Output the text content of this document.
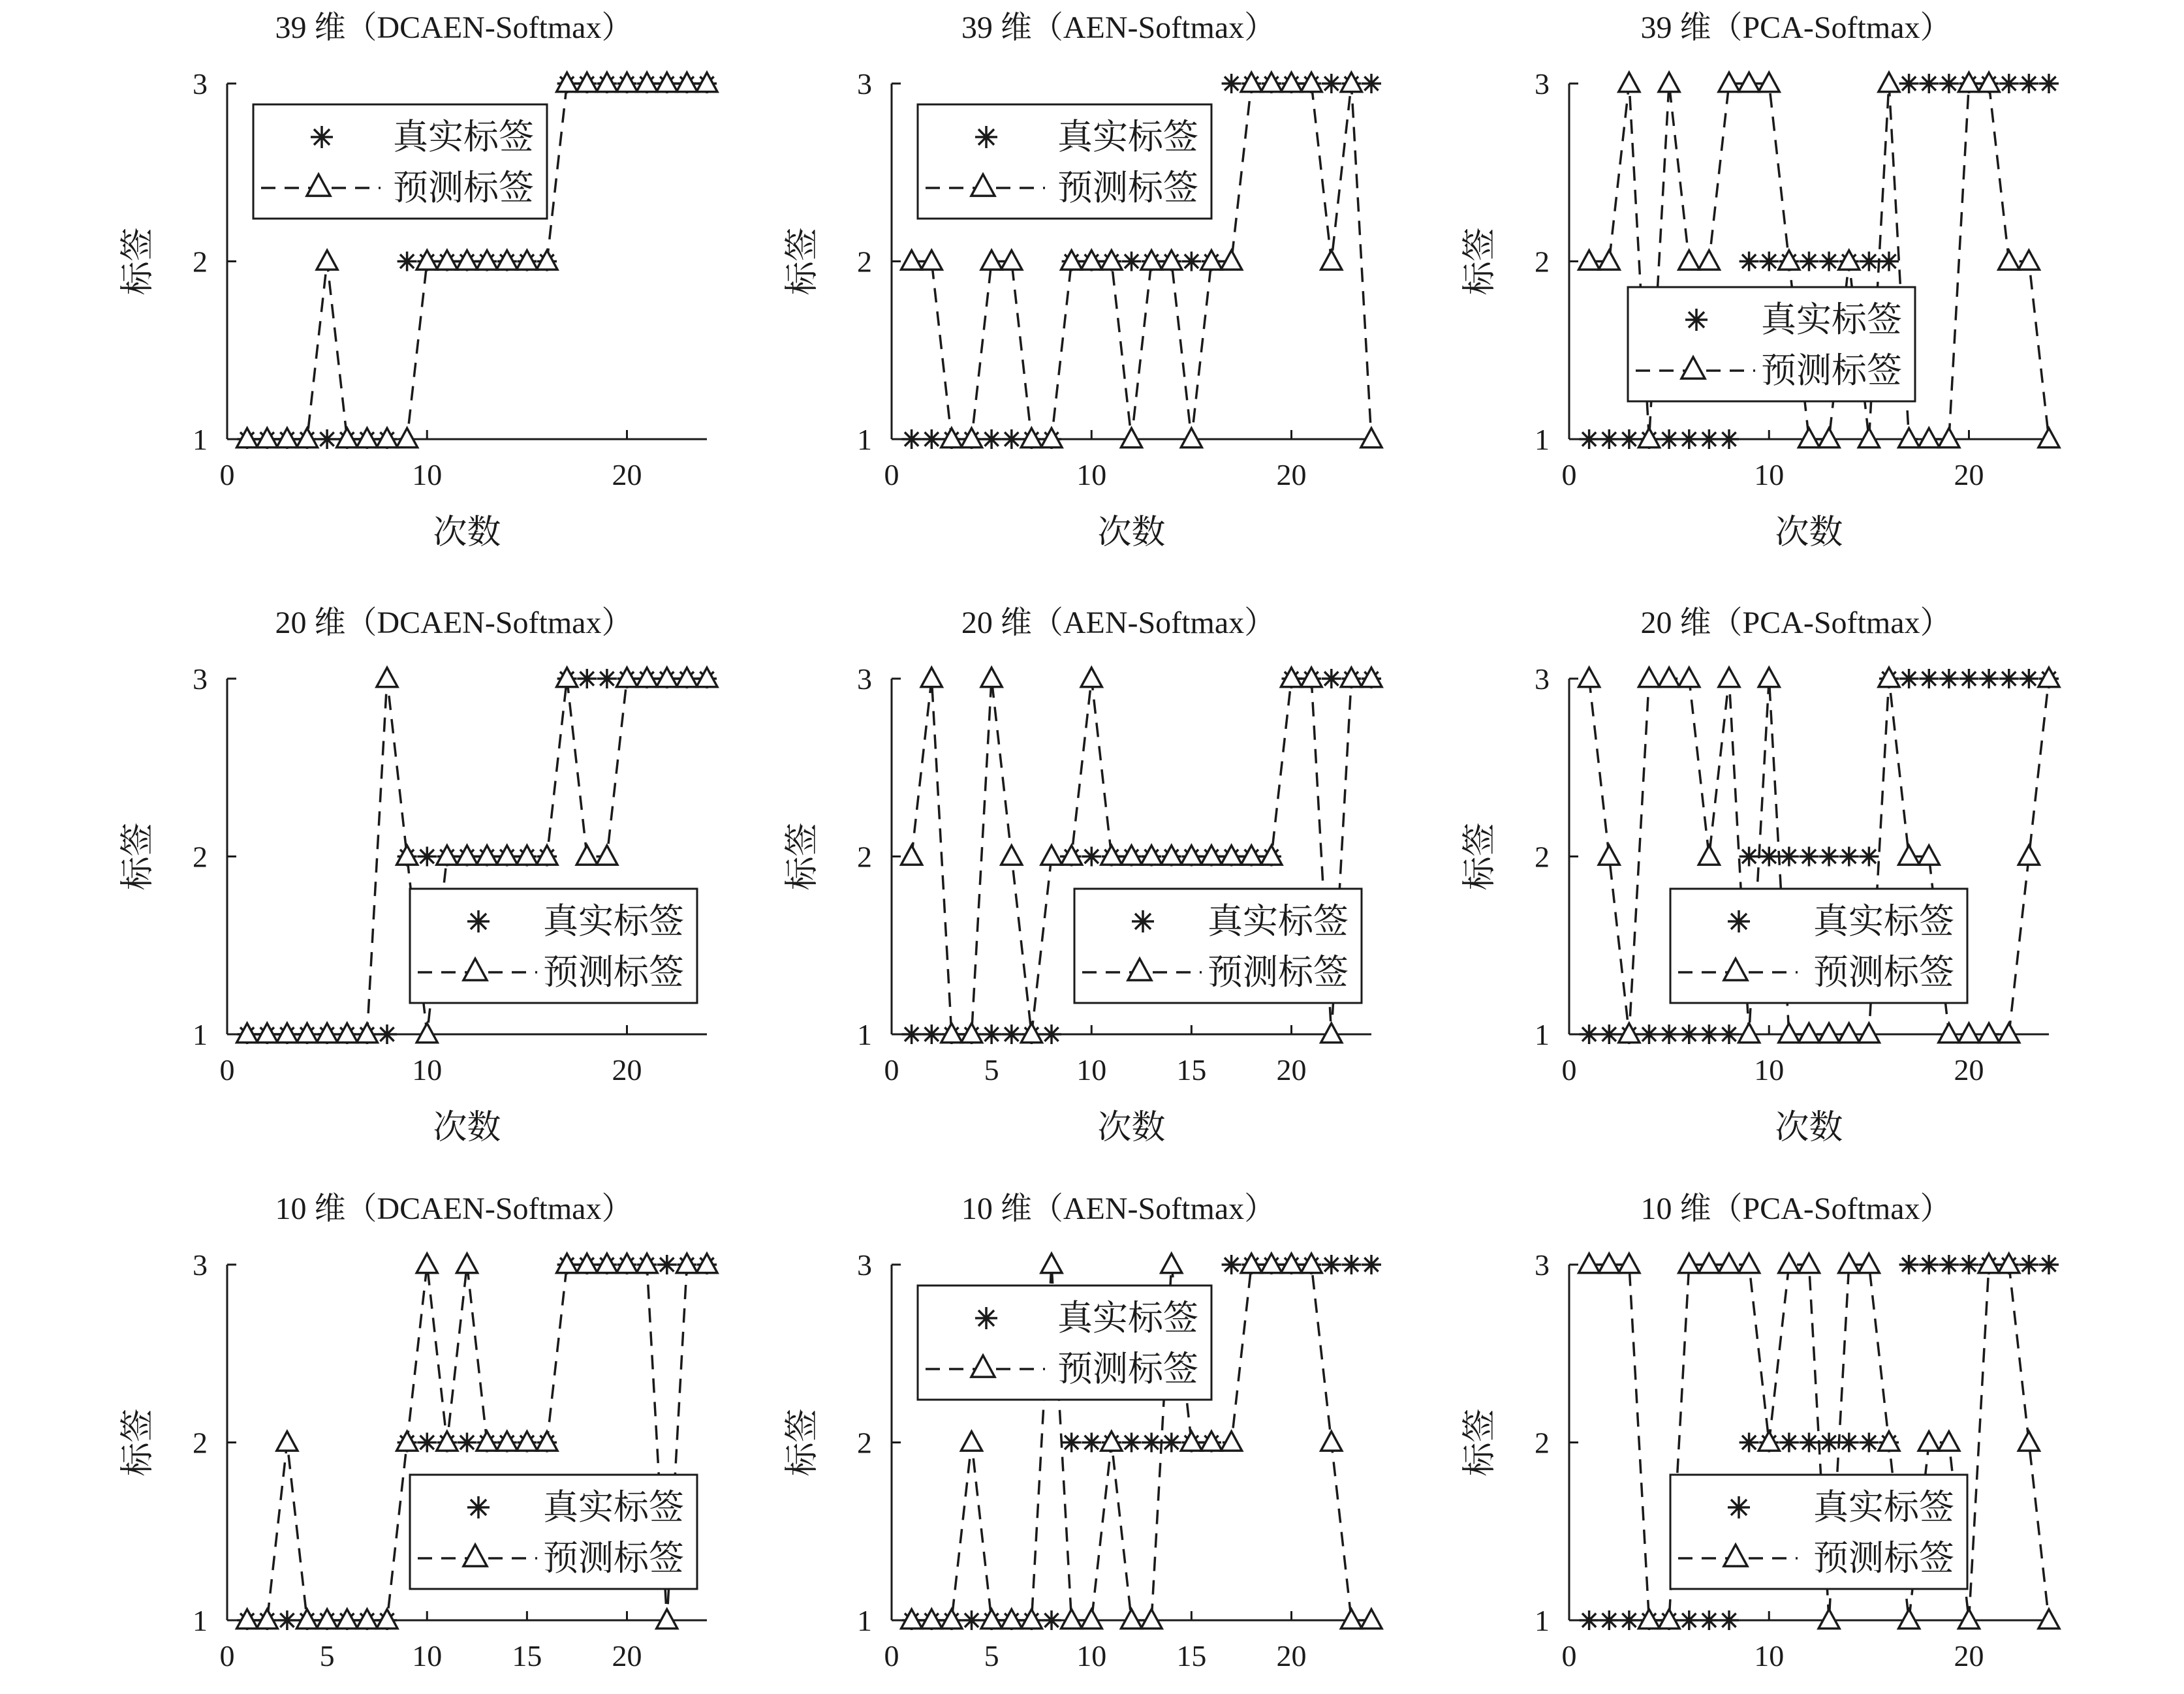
39 维（DCAEN-Softmax）
1
2
3
0	10	20
次数
标签
真实标签
预测标签
39 维（AEN-Softmax）
1
2
3
0	10	20
次数
标签
真实标签
预测标签
39 维（PCA-Softmax）
1
2
3
0	10	20
次数
标签
真实标签
预测标签
20 维（DCAEN-Softmax）
1
2
3
0	10	20
次数
标签
真实标签
预测标签
20 维（AEN-Softmax）
1
2
3
0	5	10 15 20
次数
标签
真实标签
预测标签
20 维（PCA-Softmax）
1
2
3
0	10	20
次数
标签
真实标签
预测标签
10 维（DCAEN-Softmax）
1
2
3
0	5	10 15 20
标签
真实标签
预测标签
10 维（AEN-Softmax）
1
2
3
0	5	10 15 20
标签
真实标签
预测标签
10 维（PCA-Softmax）
1
2
3
0	10	20
标签
真实标签
预测标签
